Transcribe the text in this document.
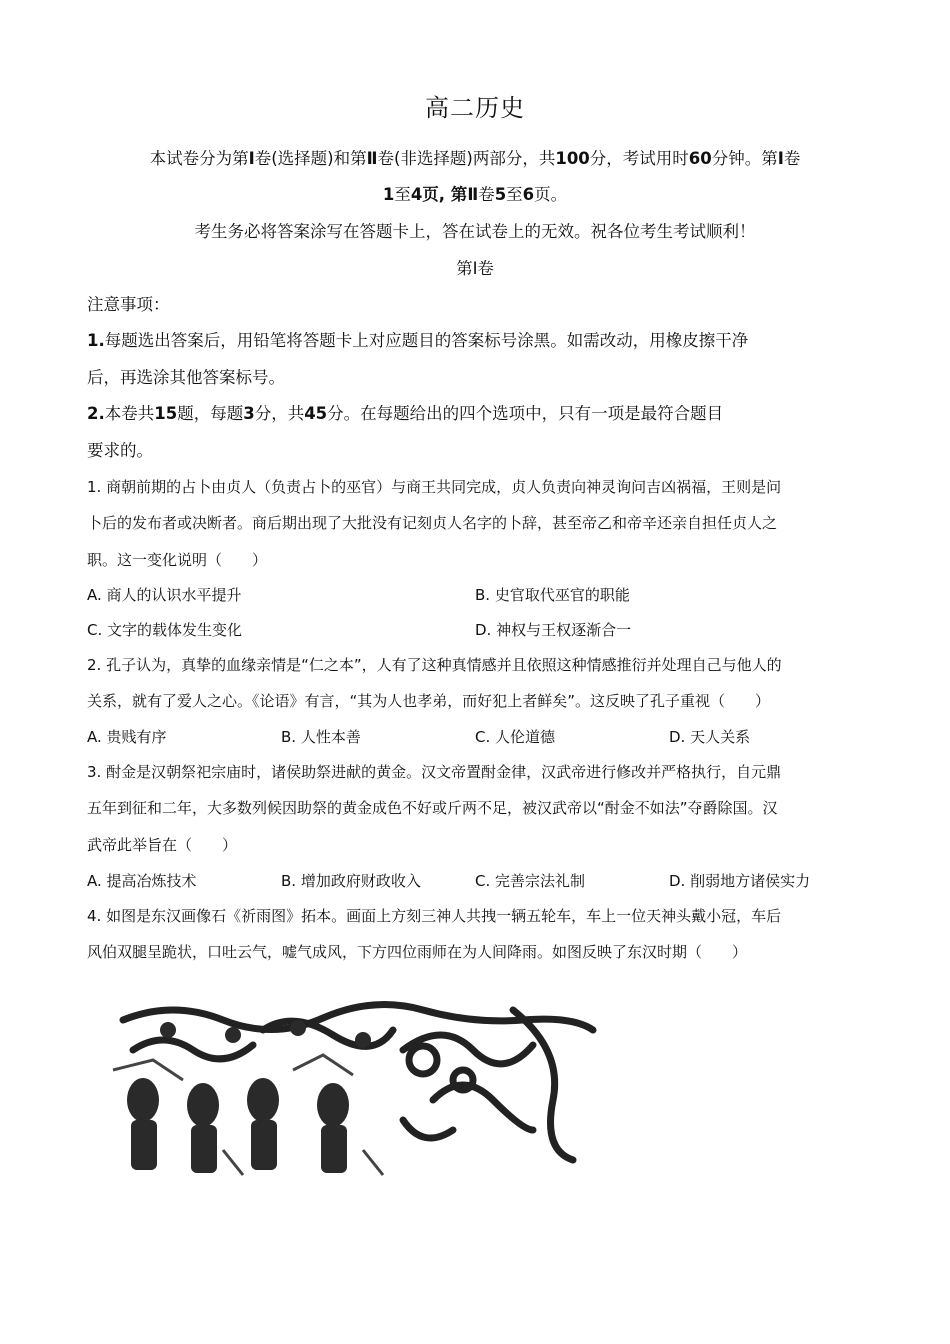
高二历史
本试卷分为第Ⅰ卷(选择题)和第Ⅱ卷(非选择题)两部分，共100分，考试用时60分钟。第Ⅰ卷
1至4页, 第Ⅱ卷5至6页。
考生务必将答案涂写在答题卡上，答在试卷上的无效。祝各位考生考试顺利！
第Ⅰ卷
注意事项：
1.每题选出答案后，用铅笔将答题卡上对应题目的答案标号涂黑。如需改动，用橡皮擦干净
后，再选涂其他答案标号。
2.本卷共15题，每题3分，共45分。在每题给出的四个选项中，只有一项是最符合题目
要求的。
1. 商朝前期的占卜由贞人（负责占卜的巫官）与商王共同完成，贞人负责向神灵询问吉凶祸福，王则是问
卜后的发布者或决断者。商后期出现了大批没有记刻贞人名字的卜辞，甚至帝乙和帝辛还亲自担任贞人之
职。这一变化说明（　　）
A. 商人的认识水平提升	B. 史官取代巫官的职能
C. 文字的载体发生变化	D. 神权与王权逐渐合一
2. 孔子认为，真挚的血缘亲情是“仁之本”，人有了这种真情感并且依照这种情感推衍并处理自己与他人的
关系，就有了爱人之心。《论语》有言，“其为人也孝弟，而好犯上者鲜矣”。这反映了孔子重视（　　）
A. 贵贱有序	B. 人性本善	C. 人伦道德	D. 天人关系
3. 酎金是汉朝祭祀宗庙时，诸侯助祭进献的黄金。汉文帝置酎金律，汉武帝进行修改并严格执行，自元鼎
五年到征和二年，大多数列候因助祭的黄金成色不好或斤两不足，被汉武帝以“酎金不如法”夺爵除国。汉
武帝此举旨在（　　）
A. 提高冶炼技术	B. 增加政府财政收入	C. 完善宗法礼制	D. 削弱地方诸侯实力
4. 如图是东汉画像石《祈雨图》拓本。画面上方刻三神人共拽一辆五轮车，车上一位天神头戴小冠，车后
风伯双腿呈跪状，口吐云气，嘘气成风，下方四位雨师在为人间降雨。如图反映了东汉时期（　　）
